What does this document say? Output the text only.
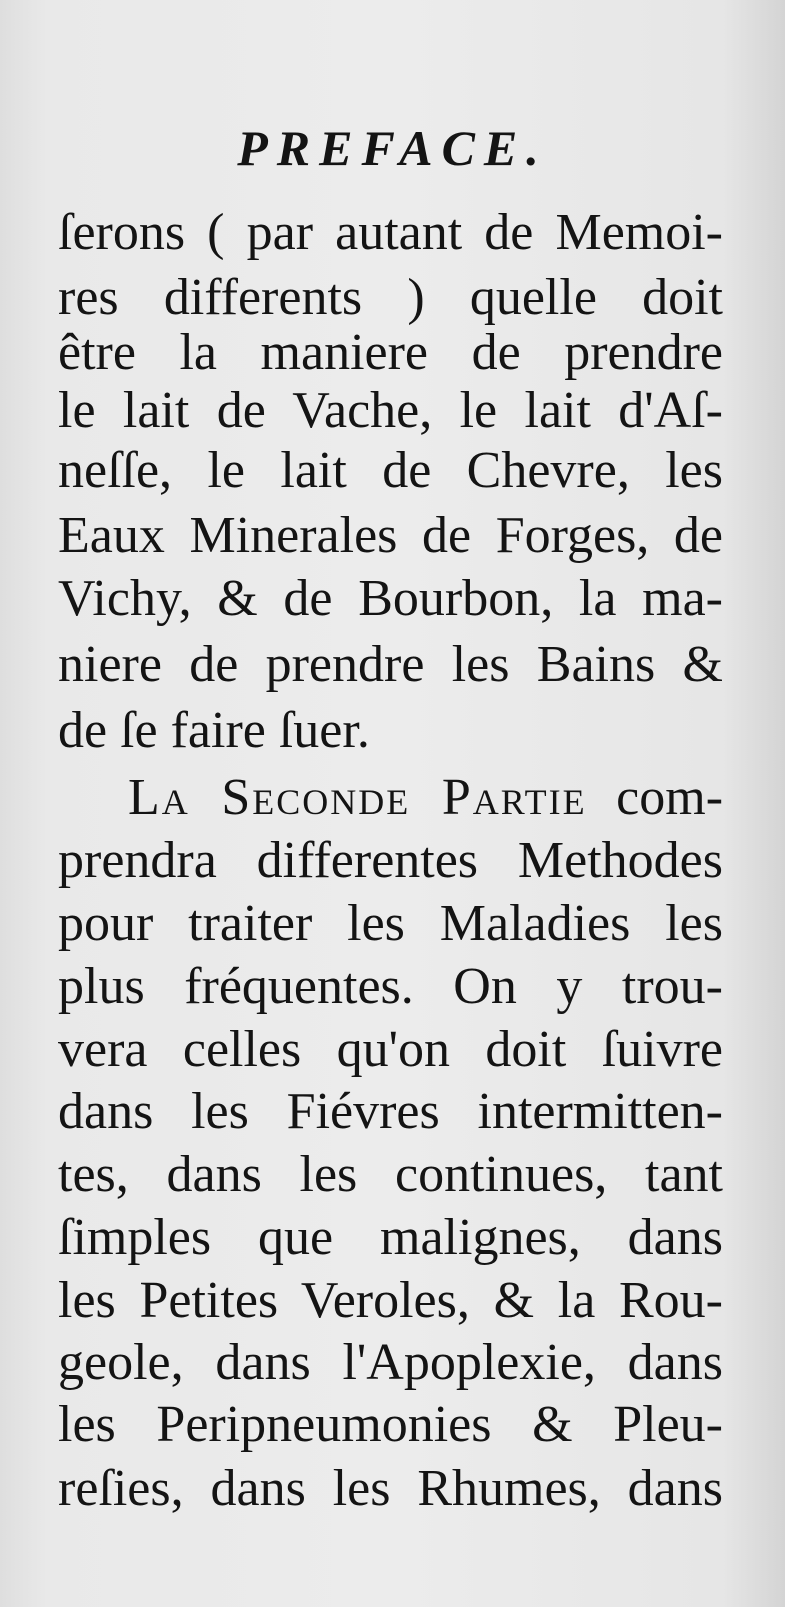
PREFACE.
ſerons ( par autant de Memoi-
res differents ) quelle doit
être la maniere de prendre
le lait de Vache, le lait d'Aſ-
neſſe, le lait de Chevre, les
Eaux Minerales de Forges, de
Vichy, & de Bourbon, la ma-
niere de prendre les Bains &
de ſe faire ſuer.
La Seconde Partie com-
prendra differentes Methodes
pour traiter les Maladies les
plus fréquentes. On y trou-
vera celles qu'on doit ſuivre
dans les Fiévres intermitten-
tes, dans les continues, tant
ſimples que malignes, dans
les Petites Veroles, & la Rou-
geole, dans l'Apoplexie, dans
les Peripneumonies & Pleu-
reſies, dans les Rhumes, dans
